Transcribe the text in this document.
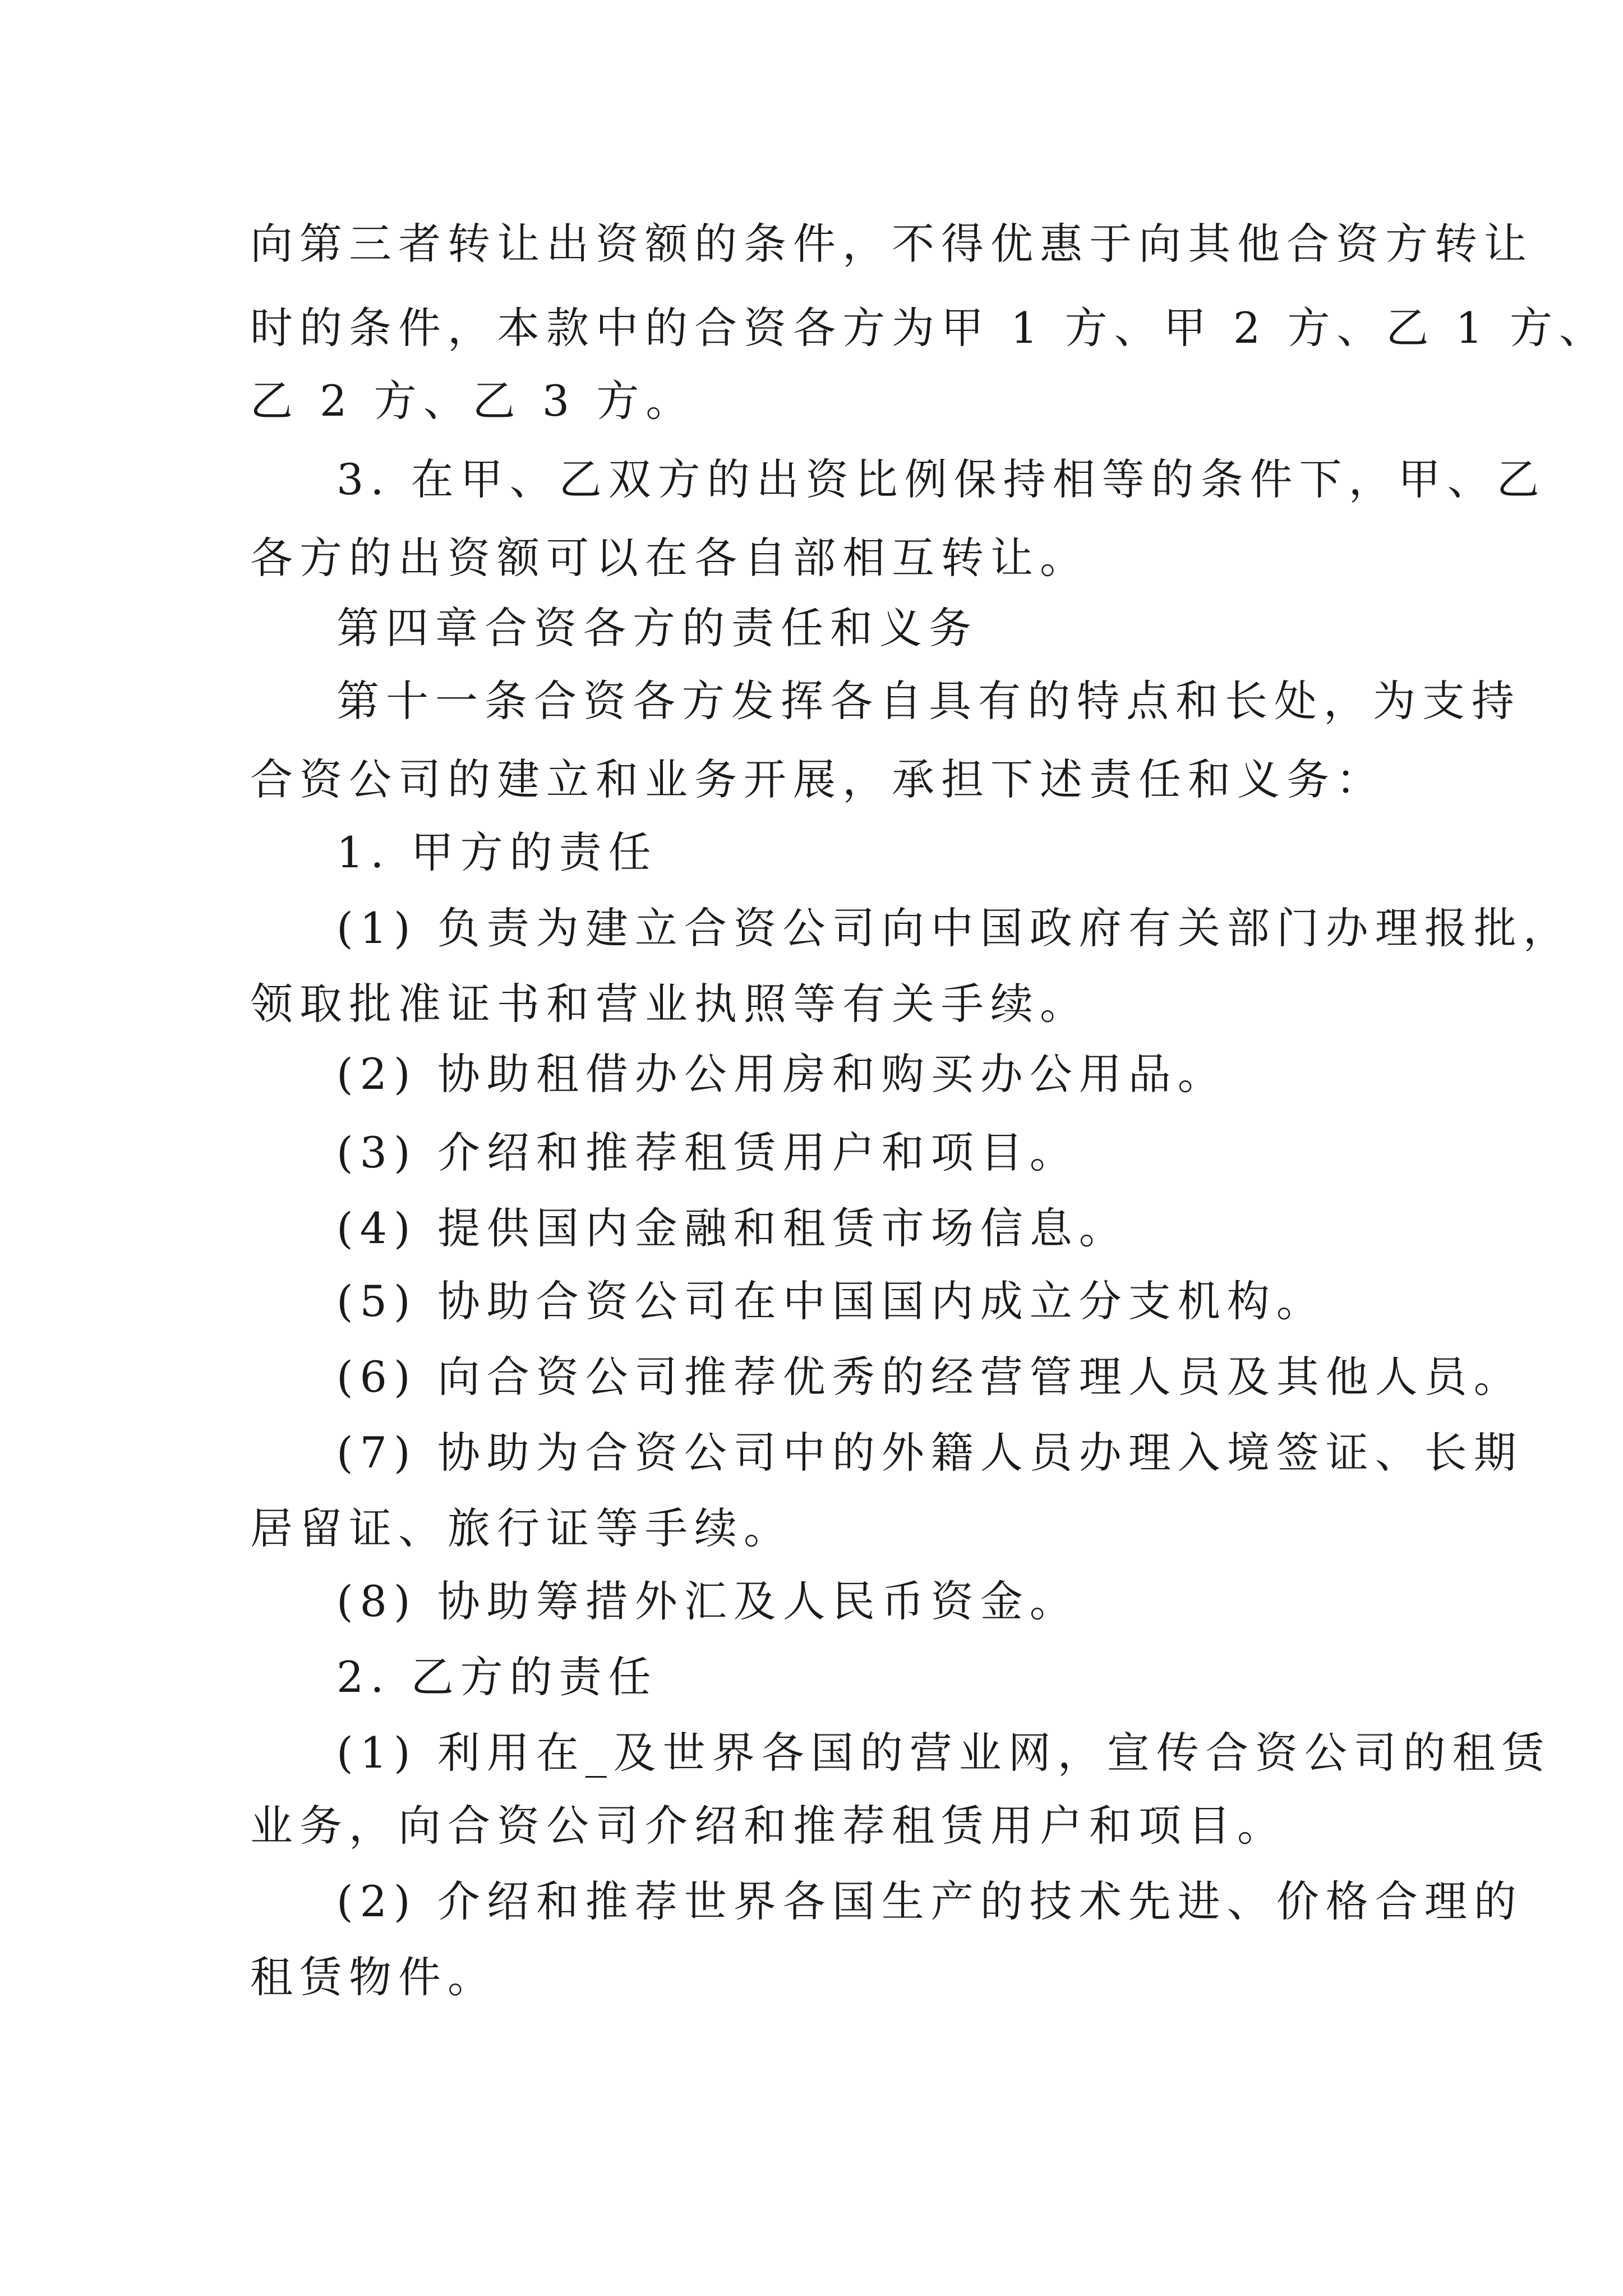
向第三者转让出资额的条件，不得优惠于向其他合资方转让

时的条件，本款中的合资各方为甲 1 方、甲 2 方、乙 1 方、

乙 2 方、乙 3 方。

3. 在甲、乙双方的出资比例保持相等的条件下，甲、乙

各方的出资额可以在各自部相互转让。

第四章合资各方的责任和义务

第十一条合资各方发挥各自具有的特点和长处，为支持

合资公司的建立和业务开展，承担下述责任和义务：

1. 甲方的责任

(1) 负责为建立合资公司向中国政府有关部门办理报批，

领取批准证书和营业执照等有关手续。

(2) 协助租借办公用房和购买办公用品。

(3) 介绍和推荐租赁用户和项目。

(4) 提供国内金融和租赁市场信息。

(5) 协助合资公司在中国国内成立分支机构。

(6) 向合资公司推荐优秀的经营管理人员及其他人员。

(7) 协助为合资公司中的外籍人员办理入境签证、长期

居留证、旅行证等手续。

(8) 协助筹措外汇及人民币资金。

2. 乙方的责任

(1) 利用在_及世界各国的营业网，宣传合资公司的租赁

业务，向合资公司介绍和推荐租赁用户和项目。

(2) 介绍和推荐世界各国生产的技术先进、价格合理的

租赁物件。
